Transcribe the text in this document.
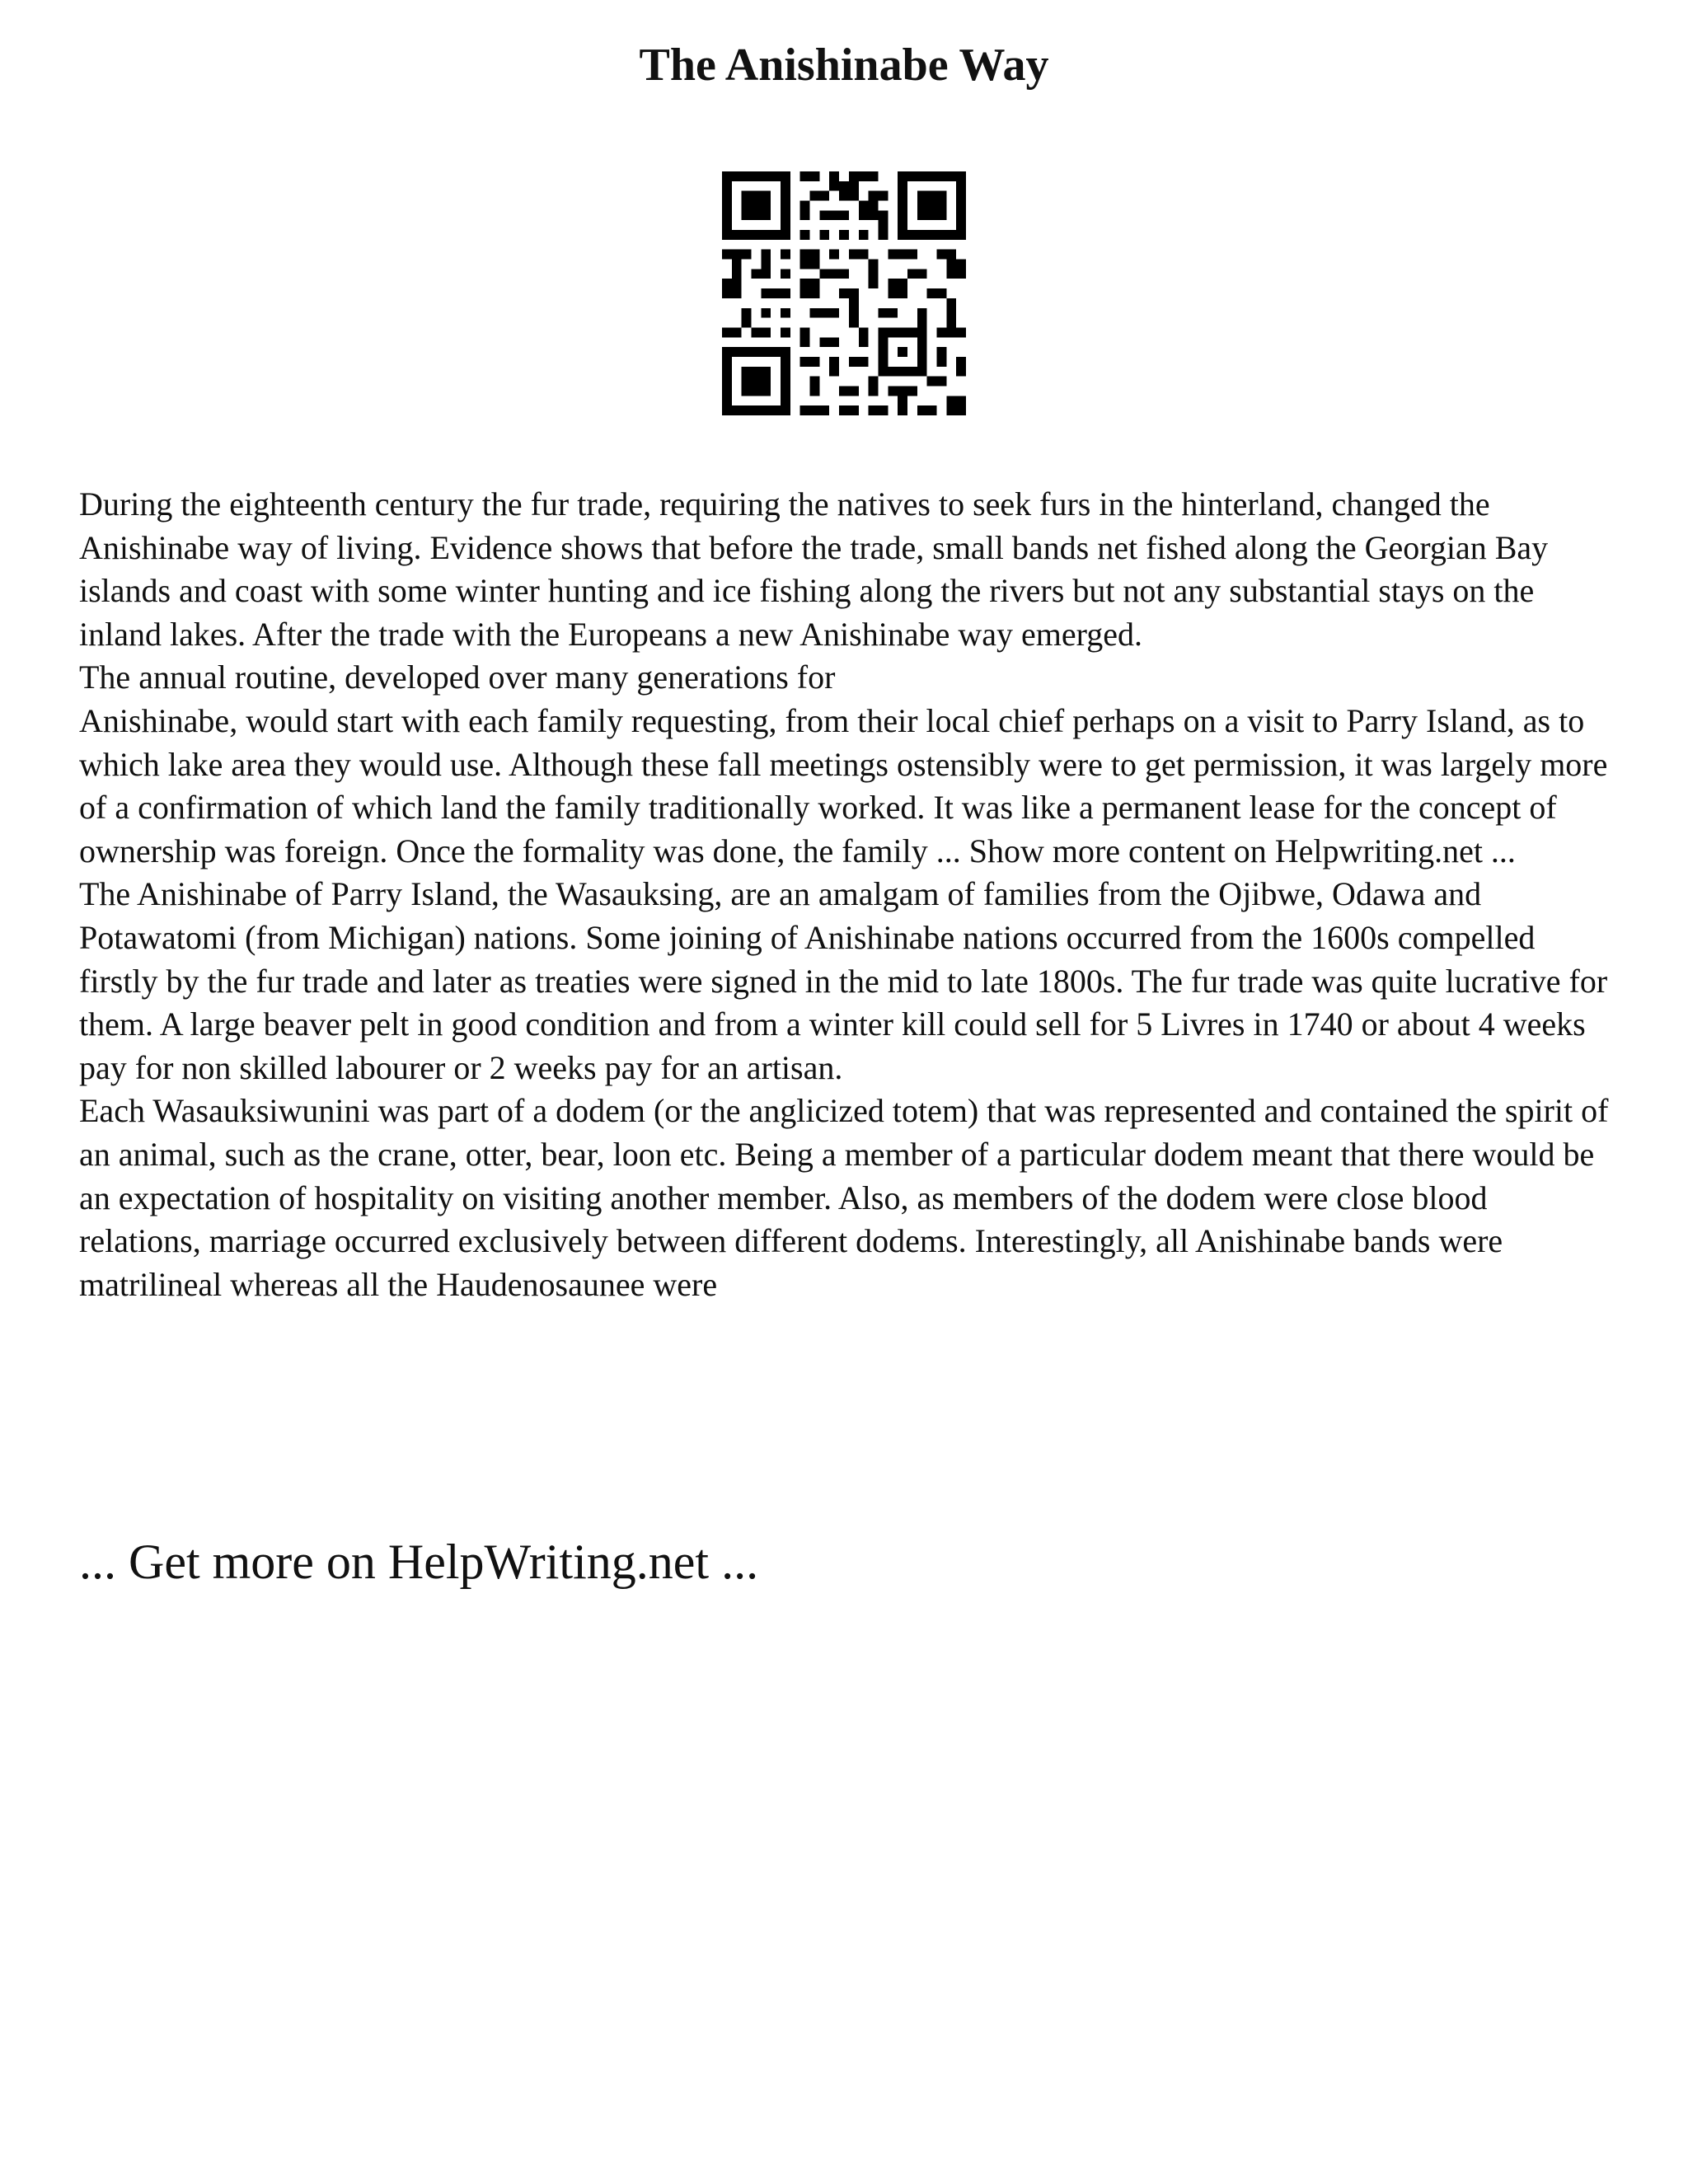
The Anishinabe Way

During the eighteenth century the fur trade, requiring the natives to seek furs in the hinterland, changed the Anishinabe way of living. Evidence shows that before the trade, small bands net fished along the Georgian Bay islands and coast with some winter hunting and ice fishing along the rivers but not any substantial stays on the inland lakes. After the trade with the Europeans a new Anishinabe way emerged.

The annual routine, developed over many generations for

Anishinabe, would start with each family requesting, from their local chief perhaps on a visit to Parry Island, as to which lake area they would use. Although these fall meetings ostensibly were to get permission, it was largely more of a confirmation of which land the family traditionally worked. It was like a permanent lease for the concept of ownership was foreign. Once the formality was done, the family ... Show more content on Helpwriting.net ...

The Anishinabe of Parry Island, the Wasauksing, are an amalgam of families from the Ojibwe, Odawa and Potawatomi (from Michigan) nations. Some joining of Anishinabe nations occurred from the 1600s compelled firstly by the fur trade and later as treaties were signed in the mid to late 1800s. The fur trade was quite lucrative for them. A large beaver pelt in good condition and from a winter kill could sell for 5 Livres in 1740 or about 4 weeks pay for non skilled labourer or 2 weeks pay for an artisan.

Each Wasauksiwunini was part of a dodem (or the anglicized totem) that was represented and contained the spirit of an animal, such as the crane, otter, bear, loon etc. Being a member of a particular dodem meant that there would be an expectation of hospitality on visiting another member. Also, as members of the dodem were close blood relations, marriage occurred exclusively between different dodems. Interestingly, all Anishinabe bands were matrilineal whereas all the Haudenosaunee were

... Get more on HelpWriting.net ...
